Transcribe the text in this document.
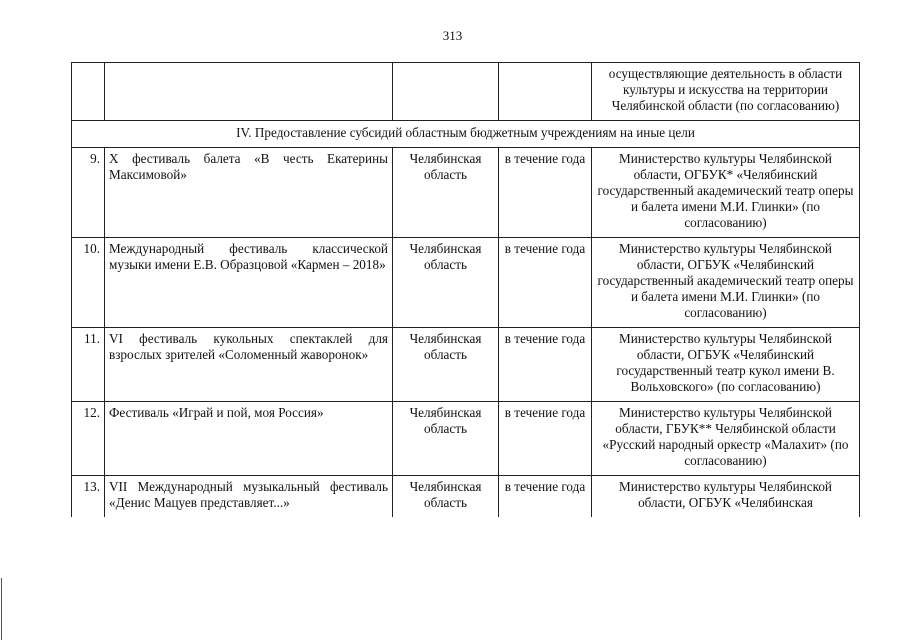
313
				осуществляющие деятельность в области культуры и искусства на территории Челябинской области (по согласованию)
IV. Предоставление субсидий областным бюджетным учреждениям на иные цели				
9.	X фестиваль балета «В честь Екатерины Максимовой»	Челябинская область	в течение года	Министерство культуры Челябинской области, ОГБУК* «Челябинский государственный академический театр оперы и балета имени М.И. Глинки» (по согласованию)
10.	Международный фестиваль классической музыки имени Е.В. Образцовой «Кармен – 2018»	Челябинская область	в течение года	Министерство культуры Челябинской области, ОГБУК «Челябинский государственный академический театр оперы и балета имени М.И. Глинки» (по согласованию)
11.	VI фестиваль кукольных спектаклей для взрослых зрителей «Соломенный жаворонок»	Челябинская область	в течение года	Министерство культуры Челябинской области, ОГБУК «Челябинский государственный театр кукол имени В. Вольховского» (по согласованию)
12.	Фестиваль «Играй и пой, моя Россия»	Челябинская область	в течение года	Министерство культуры Челябинской области, ГБУК** Челябинской области «Русский народный оркестр «Малахит» (по согласованию)
13.	VII Международный музыкальный фестиваль «Денис Мацуев представляет...»	Челябинская область	в течение года	Министерство культуры Челябинской области, ОГБУК «Челябинская
